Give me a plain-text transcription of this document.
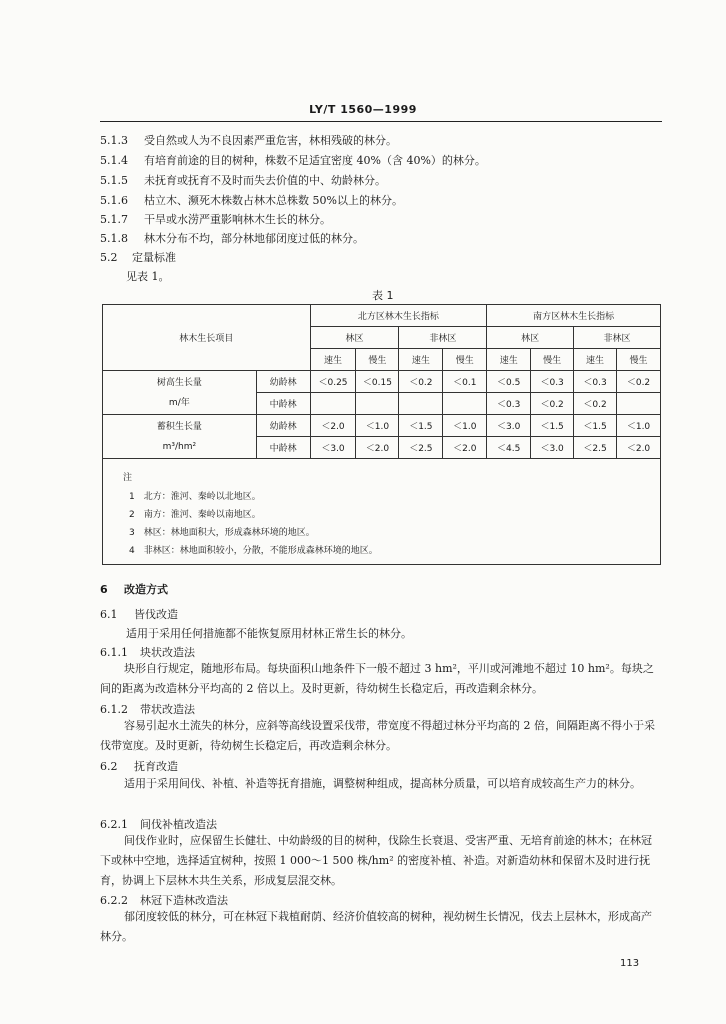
LY/T 1560—1999
5.1.3 受自然或人为不良因素严重危害，林相残破的林分。
5.1.4 有培育前途的目的树种，株数不足适宜密度 40%（含 40%）的林分。
5.1.5 未抚育或抚育不及时而失去价值的中、幼龄林分。
5.1.6 枯立木、濒死木株数占林木总株数 50%以上的林分。
5.1.7 干旱或水涝严重影响林木生长的林分。
5.1.8 林木分布不均，部分林地郁闭度过低的林分。
5.2 定量标准
见表 1。
表 1
林木生长项目		北方区林木生长指标				南方区林木生长指标			
		林区		非林区		林区		非林区	
		速生	慢生	速生	慢生	速生	慢生	速生	慢生

树高生长量
m/年	幼龄林	＜0.25	＜0.15	＜0.2	＜0.1	＜0.5	＜0.3	＜0.3	＜0.2
	中龄林					＜0.3	＜0.2	＜0.2	

蓄积生长量
m³/hm²	幼龄林	＜2.0	＜1.0	＜1.5	＜1.0	＜3.0	＜1.5	＜1.5	＜1.0
	中龄林	＜3.0	＜2.0	＜2.5	＜2.0	＜4.5	＜3.0	＜2.5	＜2.0
注
1　北方：淮河、秦岭以北地区。
2　南方：淮河、秦岭以南地区。
3　林区：林地面积大，形成森林环境的地区。
4　非林区：林地面积较小，分散，不能形成森林环境的地区。
6 改造方式
6.1 皆伐改造
适用于采用任何措施都不能恢复原用材林正常生长的林分。
6.1.1 块状改造法
块形自行规定，随地形布局。每块面积山地条件下一般不超过 3 hm²，平川或河滩地不超过 10 hm²。每块之间的距离为改造林分平均高的 2 倍以上。及时更新，待幼树生长稳定后，再改造剩余林分。
6.1.2 带状改造法
容易引起水土流失的林分，应斜等高线设置采伐带，带宽度不得超过林分平均高的 2 倍，间隔距离不得小于采伐带宽度。及时更新，待幼树生长稳定后，再改造剩余林分。
6.2 抚育改造
适用于采用间伐、补植、补造等抚育措施，调整树种组成，提高林分质量，可以培育成较高生产力的林分。
6.2.1 间伐补植改造法
间伐作业时，应保留生长健壮、中幼龄级的目的树种，伐除生长衰退、受害严重、无培育前途的林木；在林冠下或林中空地，选择适宜树种，按照 1 000～1 500 株/hm² 的密度补植、补造。对新造幼林和保留木及时进行抚育，协调上下层林木共生关系，形成复层混交林。
6.2.2 林冠下造林改造法
郁闭度较低的林分，可在林冠下栽植耐荫、经济价值较高的树种，视幼树生长情况，伐去上层林木，形成高产林分。
113
